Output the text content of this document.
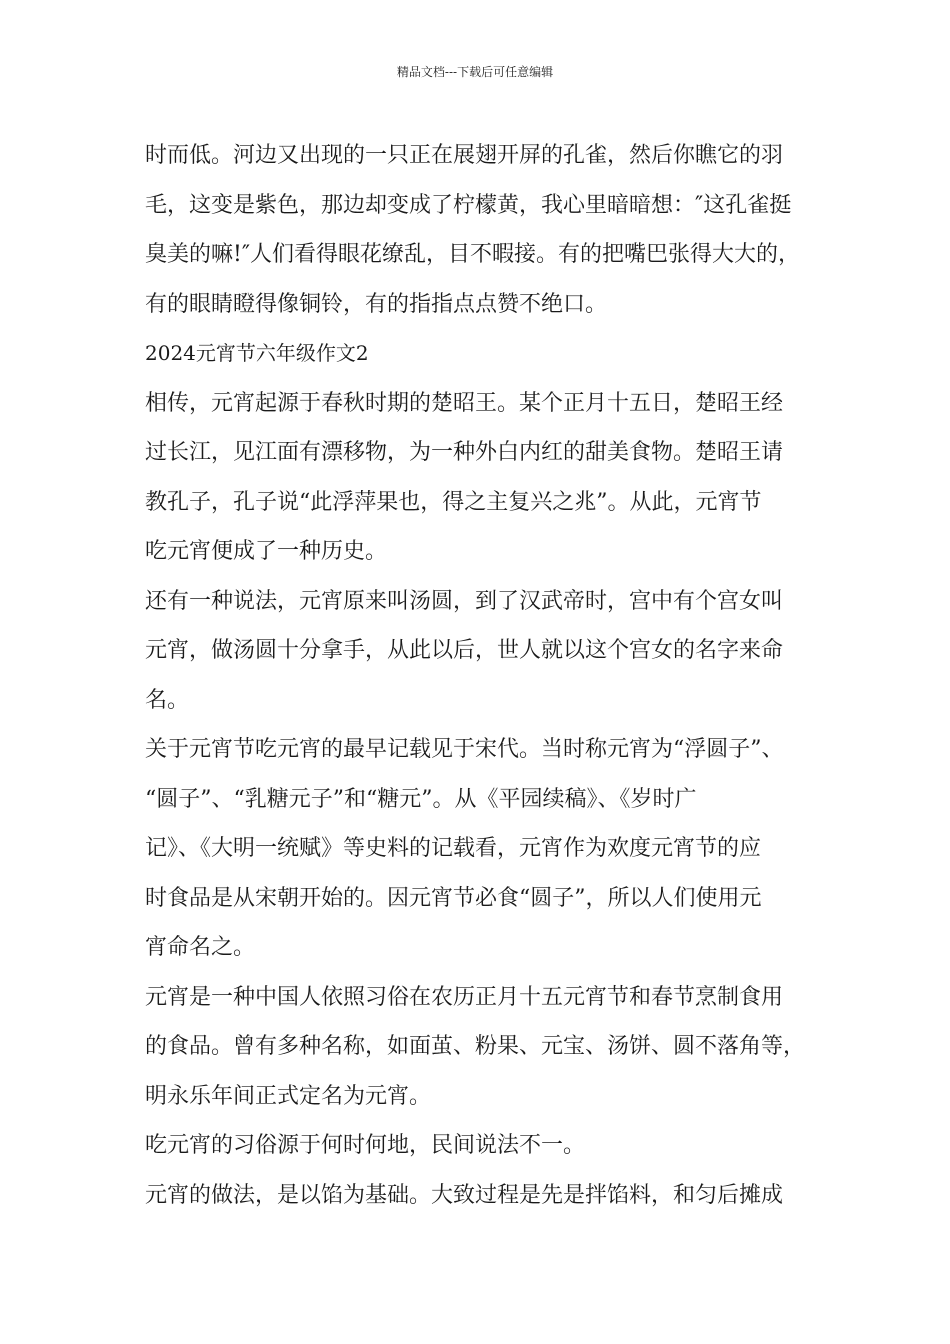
精品文档---下载后可任意编辑
时而低。河边又出现的一只正在展翅开屏的孔雀，然后你瞧它的羽
毛，这变是紫色，那边却变成了柠檬黄，我心里暗暗想：″这孔雀挺
臭美的嘛!″人们看得眼花缭乱，目不暇接。有的把嘴巴张得大大的，
有的眼睛瞪得像铜铃，有的指指点点赞不绝口。
2024元宵节六年级作文2
相传，元宵起源于春秋时期的楚昭王。某个正月十五日，楚昭王经
过长江，见江面有漂移物，为一种外白内红的甜美食物。楚昭王请
教孔子，孔子说“此浮萍果也，得之主复兴之兆”。从此，元宵节
吃元宵便成了一种历史。
还有一种说法，元宵原来叫汤圆，到了汉武帝时，宫中有个宫女叫
元宵，做汤圆十分拿手，从此以后，世人就以这个宫女的名字来命
名。
关于元宵节吃元宵的最早记载见于宋代。当时称元宵为“浮圆子”、
“圆子”、“乳糖元子”和“糖元”。从《平园续稿》、《岁时广
记》、《大明一统赋》等史料的记载看，元宵作为欢度元宵节的应
时食品是从宋朝开始的。因元宵节必食“圆子”，所以人们使用元
宵命名之。
元宵是一种中国人依照习俗在农历正月十五元宵节和春节烹制食用
的食品。曾有多种名称，如面茧、粉果、元宝、汤饼、圆不落角等，
明永乐年间正式定名为元宵。
吃元宵的习俗源于何时何地，民间说法不一。
元宵的做法，是以馅为基础。大致过程是先是拌馅料，和匀后摊成
